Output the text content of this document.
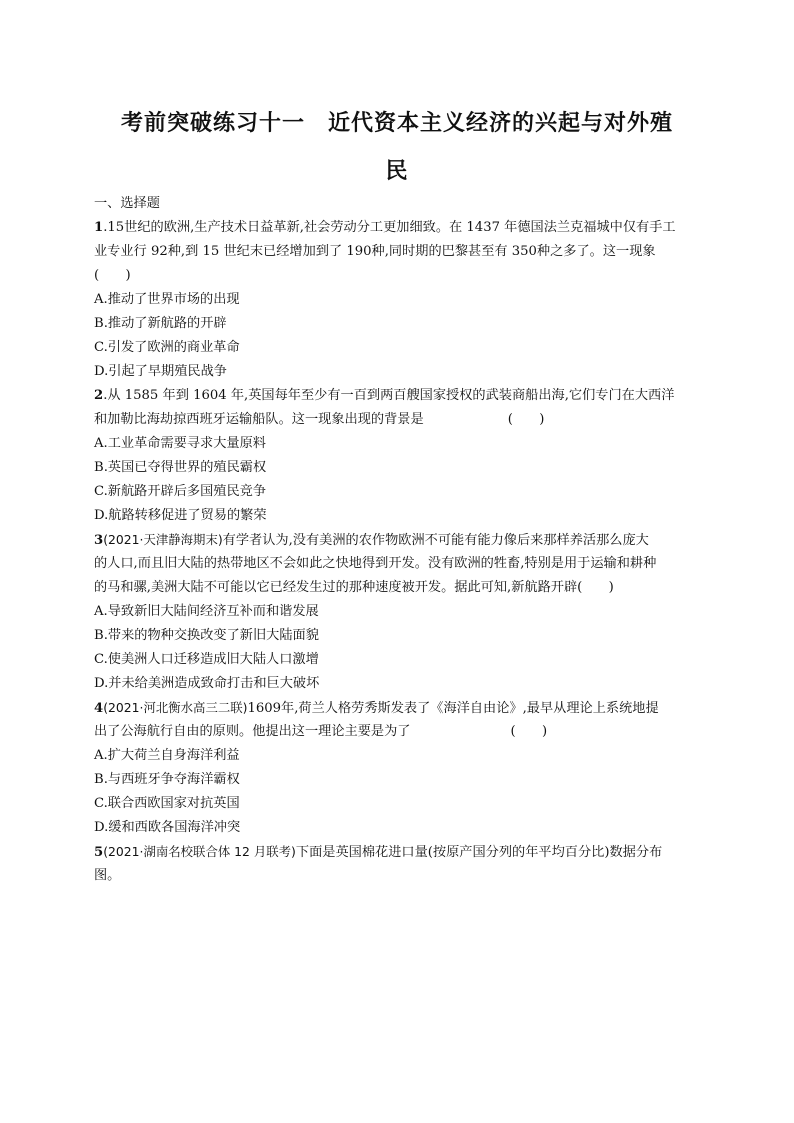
考前突破练习十一　近代资本主义经济的兴起与对外殖
民
一、选择题
1.15世纪的欧洲,生产技术日益革新,社会劳动分工更加细致。在 1437 年德国法兰克福城中仅有手工
业专业行 92种,到 15 世纪末已经增加到了 190种,同时期的巴黎甚至有 350种之多了。这一现象
(　　)
A.推动了世界市场的出现
B.推动了新航路的开辟
C.引发了欧洲的商业革命
D.引起了早期殖民战争
2.从 1585 年到 1604 年,英国每年至少有一百到两百艘国家授权的武装商船出海,它们专门在大西洋
和加勒比海劫掠西班牙运输船队。这一现象出现的背景是	(　　)
A.工业革命需要寻求大量原料
B.英国已夺得世界的殖民霸权
C.新航路开辟后多国殖民竞争
D.航路转移促进了贸易的繁荣
3(2021·天津静海期末)有学者认为,没有美洲的农作物欧洲不可能有能力像后来那样养活那么庞大
的人口,而且旧大陆的热带地区不会如此之快地得到开发。没有欧洲的牲畜,特别是用于运输和耕种
的马和骡,美洲大陆不可能以它已经发生过的那种速度被开发。据此可知,新航路开辟(　　)
A.导致新旧大陆间经济互补而和谐发展
B.带来的物种交换改变了新旧大陆面貌
C.使美洲人口迁移造成旧大陆人口激增
D.并未给美洲造成致命打击和巨大破坏
4(2021·河北衡水高三二联)1609年,荷兰人格劳秀斯发表了《海洋自由论》,最早从理论上系统地提
出了公海航行自由的原则。他提出这一理论主要是为了	(　　)
A.扩大荷兰自身海洋利益
B.与西班牙争夺海洋霸权
C.联合西欧国家对抗英国
D.缓和西欧各国海洋冲突
5(2021·湖南名校联合体 12 月联考)下面是英国棉花进口量(按原产国分列的年平均百分比)数据分布
图。
